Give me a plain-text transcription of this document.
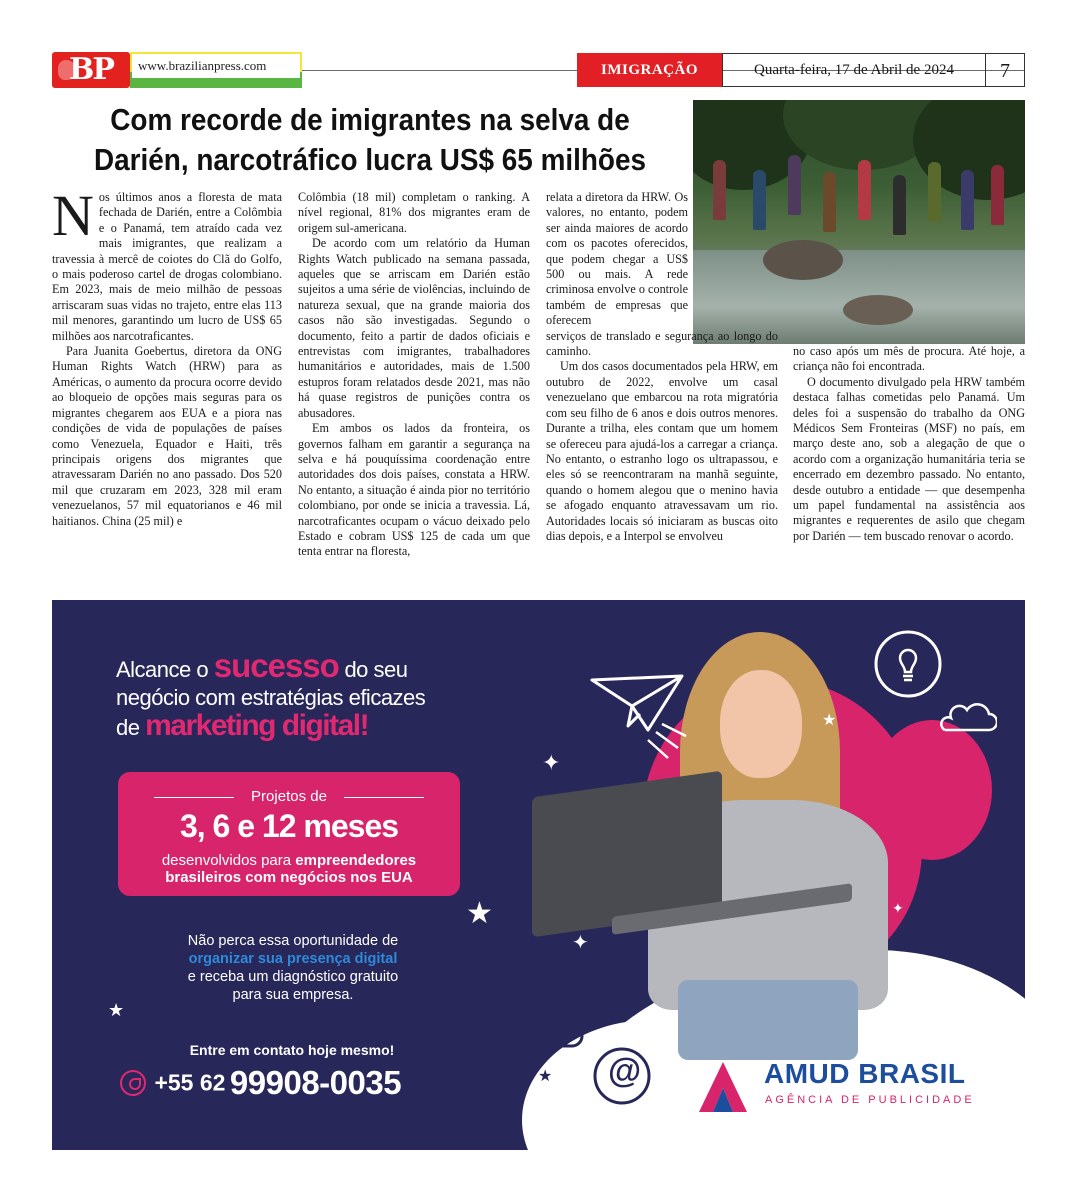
BP	www.brazilianpress.com	IMIGRAÇÃO	Quarta-feira, 17 de Abril de 2024	7
Com recorde de imigrantes na selva de
Darién, narcotráfico lucra US$ 65 milhões

Nos últimos anos a floresta de mata fechada de Darién, entre a Colômbia e o Panamá, tem atraído cada vez mais imigrantes, que realizam a travessia à mercê de coiotes do Clã do Golfo, o mais poderoso cartel de drogas colombiano. Em 2023, mais de meio milhão de pessoas arriscaram suas vidas no trajeto, entre elas 113 mil menores, garantindo um lucro de US$ 65 milhões aos narcotraficantes.

Para Juanita Goebertus, diretora da ONG Human Rights Watch (HRW) para as Américas, o aumento da procura ocorre devido ao bloqueio de opções mais seguras para os migrantes chegarem aos EUA e a piora nas condições de vida de populações de países como Venezuela, Equador e Haiti, três principais origens dos migrantes que atravessaram Darién no ano passado. Dos 520 mil que cruzaram em 2023, 328 mil eram venezuelanos, 57 mil equatorianos e 46 mil haitianos. China (25 mil) e

Colômbia (18 mil) completam o ranking. A nível regional, 81% dos migrantes eram de origem sul-americana.

De acordo com um relatório da Human Rights Watch publicado na semana passada, aqueles que se arriscam em Darién estão sujeitos a uma série de violências, incluindo de natureza sexual, que na grande maioria dos casos não são investigadas. Segundo o documento, feito a partir de dados oficiais e entrevistas com imigrantes, trabalhadores humanitários e autoridades, mais de 1.500 estupros foram relatados desde 2021, mas não há quase registros de punições contra os abusadores.

Em ambos os lados da fronteira, os governos falham em garantir a segurança na selva e há pouquíssima coordenação entre autoridades dos dois países, constata a HRW. No entanto, a situação é ainda pior no território colombiano, por onde se inicia a travessia. Lá, narcotraficantes ocupam o vácuo deixado pelo Estado e cobram US$ 125 de cada um que tenta entrar na floresta,

relata a diretora da HRW. Os valores, no entanto, podem ser ainda maiores de acordo com os pacotes oferecidos, que podem chegar a US$ 500 ou mais. A rede criminosa envolve o controle também de empresas que oferecem

serviços de translado e segurança ao longo do caminho.

Um dos casos documentados pela HRW, em outubro de 2022, envolve um casal venezuelano que embarcou na rota migratória com seu filho de 6 anos e dois outros menores. Durante a trilha, eles contam que um homem se ofereceu para ajudá-los a carregar a criança. No entanto, o estranho logo os ultrapassou, e eles só se reencontraram na manhã seguinte, quando o homem alegou que o menino havia se afogado enquanto atravessavam um rio. Autoridades locais só iniciaram as buscas oito dias depois, e a Interpol se envolveu

no caso após um mês de procura. Até hoje, a criança não foi encontrada.

O documento divulgado pela HRW também destaca falhas cometidas pelo Panamá. Um deles foi a suspensão do trabalho da ONG Médicos Sem Fronteiras (MSF) no país, em março deste ano, sob a alegação de que o acordo com a organização humanitária teria se encerrado em dezembro passado. No entanto, desde outubro a entidade — que desempenha um papel fundamental na assistência aos migrantes e requerentes de asilo que chegam por Darién — tem buscado renovar o acordo.

@
✦
★
★
✦
★
★
✦
Alcance o sucesso do seu
negócio com estratégias eficazes
de marketing digital!
Projetos de
3, 6 e 12 meses
desenvolvidos para empreendedores
brasileiros com negócios nos EUA
Não perca essa oportunidade de
organizar sua presença digital
e receba um diagnóstico gratuito
para sua empresa.
Entre em contato hoje mesmo!
+55 62 99908-0035	AMUD BRASIL
AGÊNCIA DE PUBLICIDADE
